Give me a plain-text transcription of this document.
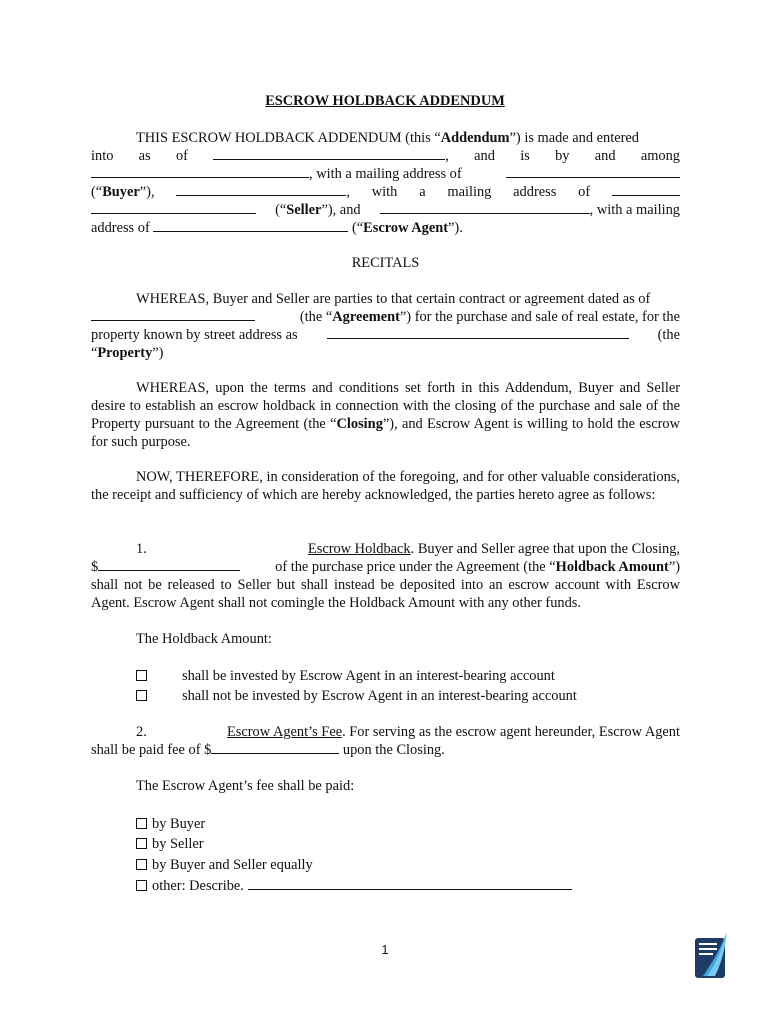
ESCROW HOLDBACK ADDENDUM
THIS ESCROW HOLDBACK ADDENDUM (this “Addendum”) is made and entered
into as of	, and is by and among
, with a mailing address of
(“Buyer”),	, with a mailing address of
(“Seller”), and	, with a mailing
address of	(“Escrow Agent”).
RECITALS
WHEREAS, Buyer and Seller are parties to that certain contract or agreement dated as of
(the “Agreement”) for the purchase and sale of real estate, for the
property known by street address as	(the
“Property”)
WHEREAS, upon the terms and conditions set forth in this Addendum, Buyer and Seller desire to establish an escrow holdback in connection with the closing of the purchase and sale of the Property pursuant to the Agreement (the “Closing”), and Escrow Agent is willing to hold the escrow for such purpose.
NOW, THEREFORE, in consideration of the foregoing, and for other valuable considerations, the receipt and sufficiency of which are hereby acknowledged, the parties hereto agree as follows:
1.	Escrow Holdback. Buyer and Seller agree that upon the Closing,
$	of the purchase price under the Agreement (the “Holdback Amount”)
shall not be released to Seller but shall instead be deposited into an escrow account with Escrow Agent. Escrow Agent shall not comingle the Holdback Amount with any other funds.
The Holdback Amount:
shall be invested by Escrow Agent in an interest-bearing account
shall not be invested by Escrow Agent in an interest-bearing account
2.	Escrow Agent’s Fee. For serving as the escrow agent hereunder, Escrow Agent
shall be paid fee of $	upon the Closing.
The Escrow Agent’s fee shall be paid:
by Buyer
by Seller
by Buyer and Seller equally
other: Describe.
1
